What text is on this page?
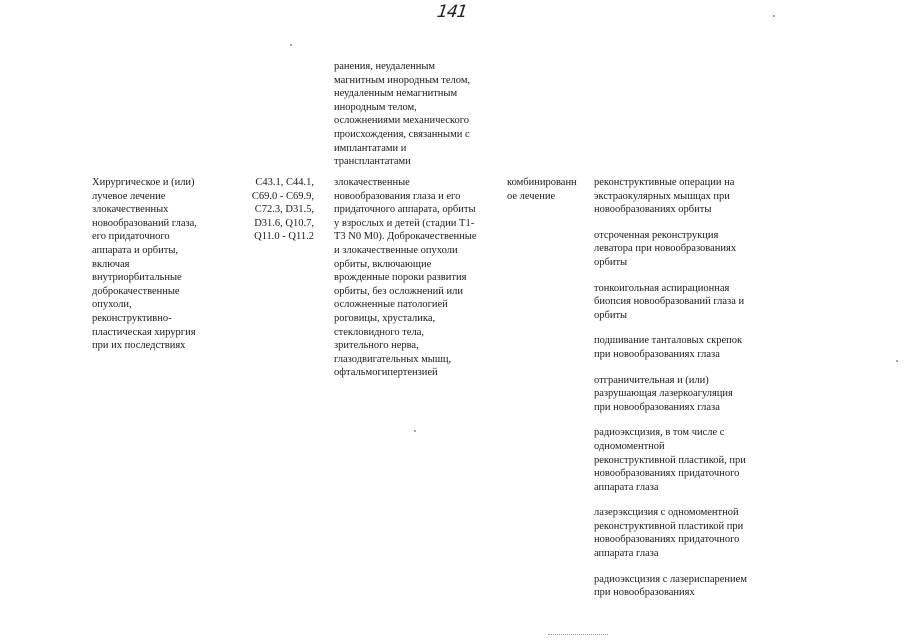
141

ранения, неудаленным
магнитным инородным телом,
неудаленным немагнитным
инородным телом,
осложнениями механического
происхождения, связанными с
имплантатами и
трансплантатами

Хирургическое и (или)
лучевое лечение
злокачественных
новообразований глаза,
его придаточного
аппарата и орбиты,
включая
внутриорбитальные
доброкачественные
опухоли,
реконструктивно-
пластическая хирургия
при их последствиях

С43.1, С44.1,
С69.0 - С69.9,
С72.3, D31.5,
D31.6, Q10.7,
Q11.0 - Q11.2

злокачественные
новообразования глаза и его
придаточного аппарата, орбиты
у взрослых и детей (стадии Т1-
Т3 N0 M0). Доброкачественные
и злокачественные опухоли
орбиты, включающие
врожденные пороки развития
орбиты, без осложнений или
осложненные патологией
роговицы, хрусталика,
стекловидного тела,
зрительного нерва,
глазодвигательных мышц,
офтальмогипертензией

комбинированн
ое лечение

реконструктивные операции на
экстраокулярных мышцах при
новообразованиях орбиты
отсроченная реконструкция
леватора при новообразованиях
орбиты
тонкоигольная аспирационная
биопсия новообразований глаза и
орбиты
подшивание танталовых скрепок
при новообразованиях глаза
отграничительная и (или)
разрушающая лазеркоагуляция
при новообразованиях глаза
радиоэксцизия, в том числе с
одномоментной
реконструктивной пластикой, при
новообразованиях придаточного
аппарата глаза
лазерэксцизия с одномоментной
реконструктивной пластикой при
новообразованиях придаточного
аппарата глаза
радиоэксцизия с лазериспарением
при новообразованиях
